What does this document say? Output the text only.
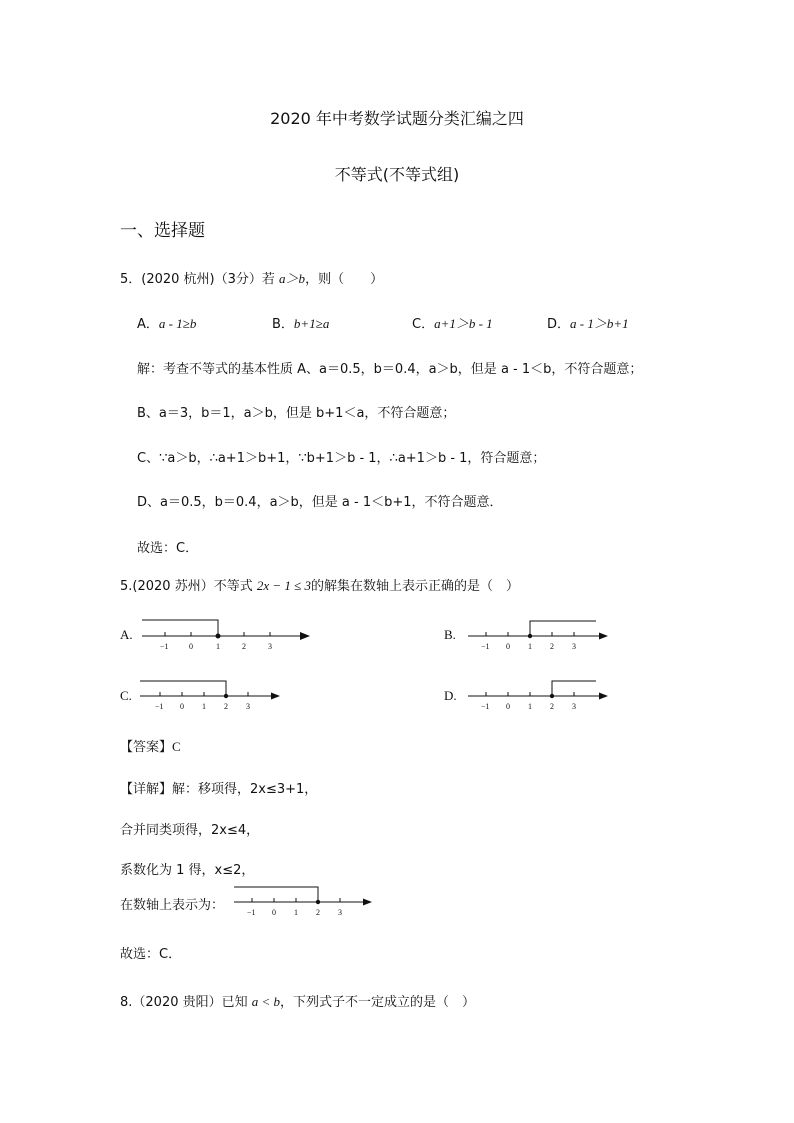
2020 年中考数学试题分类汇编之四
不等式(不等式组)
一、选择题
5．(2020 杭州)（3分）若 a＞b，则（　　）
A．a - 1≥b	B．b+1≥a	C．a+1＞b - 1	D．a - 1＞b+1
解：考查不等式的基本性质 A、a＝0.5，b＝0.4，a＞b，但是 a - 1＜b，不符合题意；
B、a＝3，b＝1，a＞b，但是 b+1＜a，不符合题意；
C、∵a＞b，∴a+1＞b+1，∵b+1＞b - 1，∴a+1＞b - 1，符合题意；
D、a＝0.5，b＝0.4，a＞b，但是 a - 1＜b+1，不符合题意．
故选：C．
5.(2020 苏州）不等式 2x − 1 ≤ 3的解集在数轴上表示正确的是（　）
A.
−1	0	1	2	3
B.
−1 0 1 2 3
C.
−1 0 1 2 3
D.
−1 0 1 2 3
【答案】C
【详解】解：移项得，2x≤3+1，
合并同类项得，2x≤4，
系数化为 1 得，x≤2，
在数轴上表示为：	−1 0 1 2 3
故选：C．
8.（2020 贵阳）已知 a < b，下列式子不一定成立的是（　）
